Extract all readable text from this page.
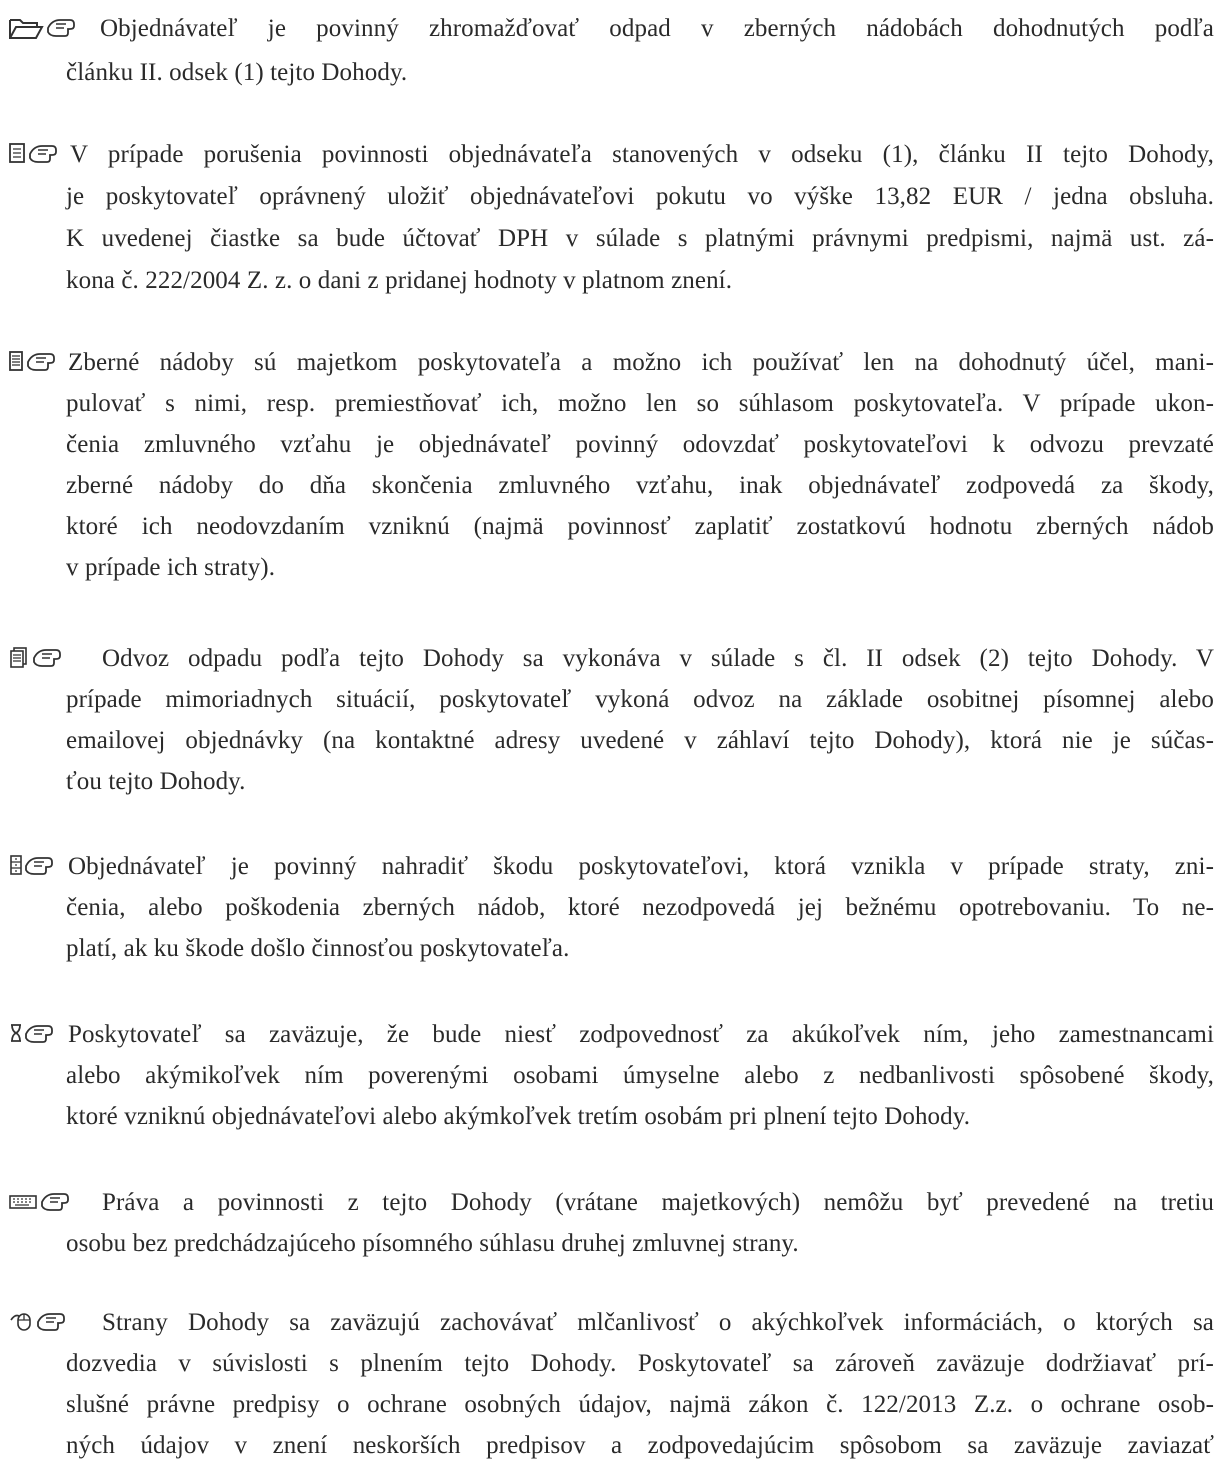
Objednávateľ je povinný zhromažďovať odpad v zberných nádobách dohodnutých podľa
článku II. odsek (1) tejto Dohody.
V prípade porušenia povinnosti objednávateľa stanovených v odseku (1), článku II tejto Dohody,
je poskytovateľ oprávnený uložiť objednávateľovi pokutu vo výške 13,82 EUR / jedna obsluha.
K uvedenej čiastke sa bude účtovať DPH v súlade s platnými právnymi predpismi, najmä ust. zá-
kona č. 222/2004 Z. z. o dani z pridanej hodnoty v platnom znení.
Zberné nádoby sú majetkom poskytovateľa a možno ich používať len na dohodnutý účel, mani-
pulovať s nimi, resp. premiestňovať ich, možno len so súhlasom poskytovateľa. V prípade ukon-
čenia zmluvného vzťahu je objednávateľ povinný odovzdať poskytovateľovi k odvozu prevzaté
zberné nádoby do dňa skončenia zmluvného vzťahu, inak objednávateľ zodpovedá za škody,
ktoré ich neodovzdaním vzniknú (najmä povinnosť zaplatiť zostatkovú hodnotu zberných nádob
v prípade ich straty).
Odvoz odpadu podľa tejto Dohody sa vykonáva v súlade s čl. II odsek (2) tejto Dohody. V
prípade mimoriadnych situácií, poskytovateľ vykoná odvoz na základe osobitnej písomnej alebo
emailovej objednávky (na kontaktné adresy uvedené v záhlaví tejto Dohody), ktorá nie je súčas-
ťou tejto Dohody.
Objednávateľ je povinný nahradiť škodu poskytovateľovi, ktorá vznikla v prípade straty, zni-
čenia, alebo poškodenia zberných nádob, ktoré nezodpovedá jej bežnému opotrebovaniu. To ne-
platí, ak ku škode došlo činnosťou poskytovateľa.
Poskytovateľ sa zaväzuje, že bude niesť zodpovednosť za akúkoľvek ním, jeho zamestnancami
alebo akýmikoľvek ním poverenými osobami úmyselne alebo z nedbanlivosti spôsobené škody,
ktoré vzniknú objednávateľovi alebo akýmkoľvek tretím osobám pri plnení tejto Dohody.
Práva a povinnosti z tejto Dohody (vrátane majetkových) nemôžu byť prevedené na tretiu
osobu bez predchádzajúceho písomného súhlasu druhej zmluvnej strany.
Strany Dohody sa zaväzujú zachovávať mlčanlivosť o akýchkoľvek informáciách, o ktorých sa
dozvedia v súvislosti s plnením tejto Dohody. Poskytovateľ sa zároveň zaväzuje dodržiavať prí-
slušné právne predpisy o ochrane osobných údajov, najmä zákon č. 122/2013 Z.z. o ochrane osob-
ných údajov v znení neskorších predpisov a zodpovedajúcim spôsobom sa zaväzuje zaviazať
